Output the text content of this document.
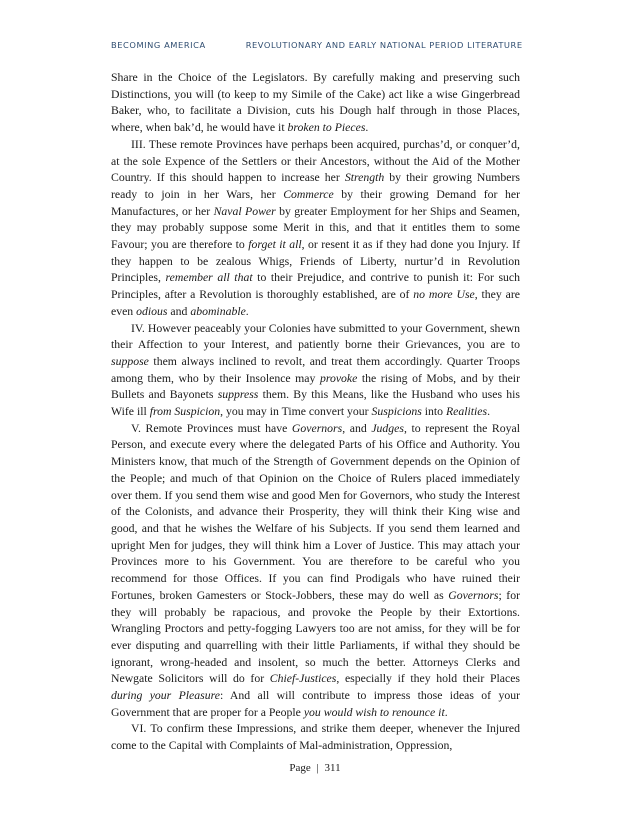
BECOMING AMERICA	REVOLUTIONARY AND EARLY NATIONAL PERIOD LITERATURE

Share in the Choice of the Legislators. By carefully making and preserving such Distinctions, you will (to keep to my Simile of the Cake) act like a wise Gingerbread Baker, who, to facilitate a Division, cuts his Dough half through in those Places, where, when bak’d, he would have it broken to Pieces.

III. These remote Provinces have perhaps been acquired, purchas’d, or conquer’d, at the sole Expence of the Settlers or their Ancestors, without the Aid of the Mother Country. If this should happen to increase her Strength by their growing Numbers ready to join in her Wars, her Commerce by their growing Demand for her Manufactures, or her Naval Power by greater Employment for her Ships and Seamen, they may probably suppose some Merit in this, and that it entitles them to some Favour; you are therefore to forget it all, or resent it as if they had done you Injury. If they happen to be zealous Whigs, Friends of Liberty, nurtur’d in Revolution Principles, remember all that to their Prejudice, and contrive to punish it: For such Principles, after a Revolution is thoroughly established, are of no more Use, they are even odious and abominable.

IV. However peaceably your Colonies have submitted to your Government, shewn their Affection to your Interest, and patiently borne their Grievances, you are to suppose them always inclined to revolt, and treat them accordingly. Quarter Troops among them, who by their Insolence may provoke the rising of Mobs, and by their Bullets and Bayonets suppress them. By this Means, like the Husband who uses his Wife ill from Suspicion, you may in Time convert your Suspicions into Realities.

V. Remote Provinces must have Governors, and Judges, to represent the Royal Person, and execute every where the delegated Parts of his Office and Authority. You Ministers know, that much of the Strength of Government depends on the Opinion of the People; and much of that Opinion on the Choice of Rulers placed immediately over them. If you send them wise and good Men for Governors, who study the Interest of the Colonists, and advance their Prosperity, they will think their King wise and good, and that he wishes the Welfare of his Subjects. If you send them learned and upright Men for judges, they will think him a Lover of Justice. This may attach your Provinces more to his Government. You are therefore to be careful who you recommend for those Offices. If you can find Prodigals who have ruined their Fortunes, broken Gamesters or Stock-Jobbers, these may do well as Governors; for they will probably be rapacious, and provoke the People by their Extortions. Wrangling Proctors and petty-fogging Lawyers too are not amiss, for they will be for ever disputing and quarrelling with their little Parliaments, if withal they should be ignorant, wrong-headed and insolent, so much the better. Attorneys Clerks and Newgate Solicitors will do for Chief-Justices, especially if they hold their Places during your Pleasure: And all will contribute to impress those ideas of your Government that are proper for a People you would wish to renounce it.

VI. To confirm these Impressions, and strike them deeper, whenever the Injured come to the Capital with Complaints of Mal-administration, Oppression,

Page | 311
